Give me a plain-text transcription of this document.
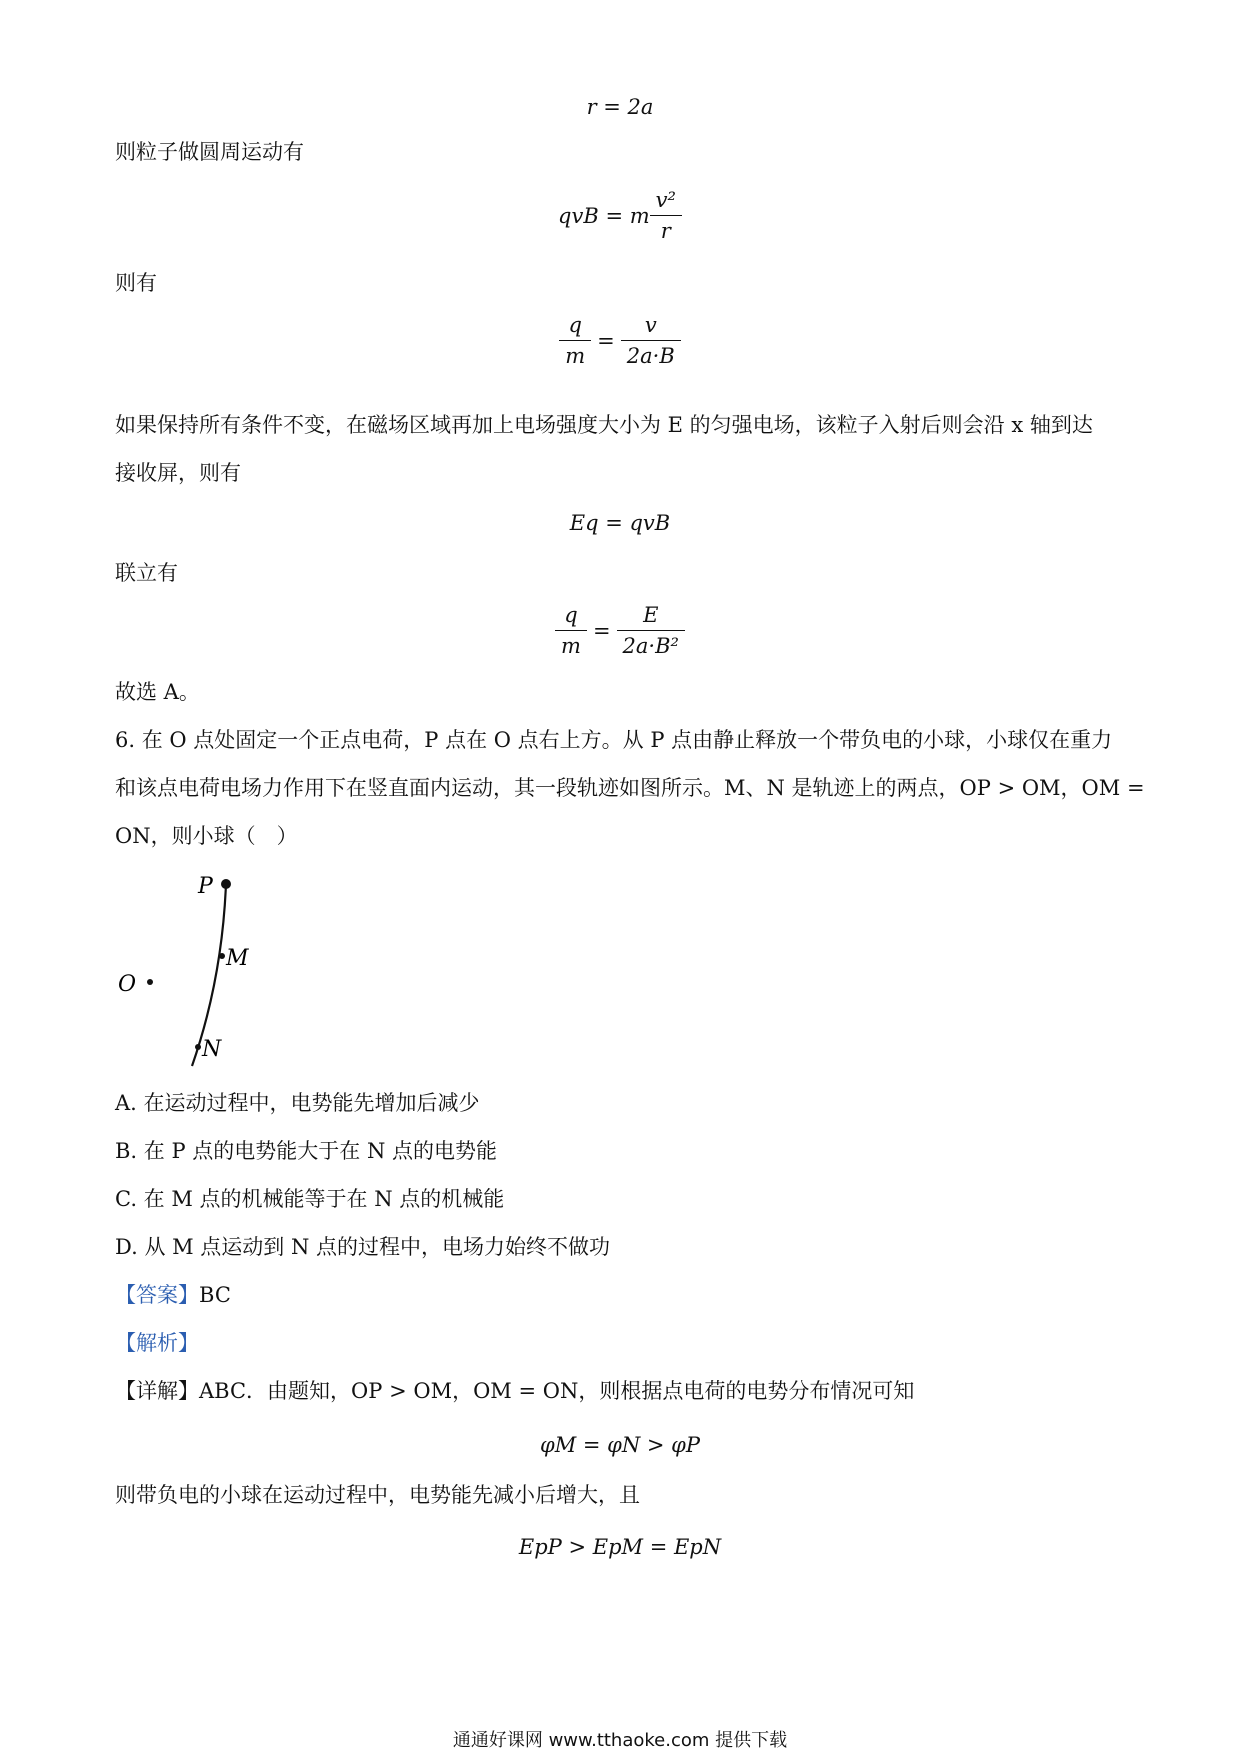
r = 2a
则粒子做圆周运动有
qvB = m $\frac{\text{v²}}{r}$
则有
$\frac{q}{m} = \frac{v}{2a\cdot B}$
如果保持所有条件不变，在磁场区域再加上电场强度大小为 E 的匀强电场，该粒子入射后则会沿 x 轴到达
接收屏，则有
Eq = qvB
联立有
$\frac{q}{m} = \frac{E}{\text{2a·B²}}$
故选 A。
6. 在 O 点处固定一个正点电荷，P 点在 O 点右上方。从 P 点由静止释放一个带负电的小球，小球仅在重力
和该点电荷电场力作用下在竖直面内运动，其一段轨迹如图所示。M、N 是轨迹上的两点，OP > OM，OM =
ON，则小球（　）
P
M
O
N
A. 在运动过程中，电势能先增加后减少
B. 在 P 点的电势能大于在 N 点的电势能
C. 在 M 点的机械能等于在 N 点的机械能
D. 从 M 点运动到 N 点的过程中，电场力始终不做功
【答案】BC
【解析】
【详解】ABC．由题知，OP > OM，OM = ON，则根据点电荷的电势分布情况可知
φM = φN > φP
则带负电的小球在运动过程中，电势能先减小后增大，且
EpP > EpM = EpN
通通好课网 www.tthaoke.com 提供下载
